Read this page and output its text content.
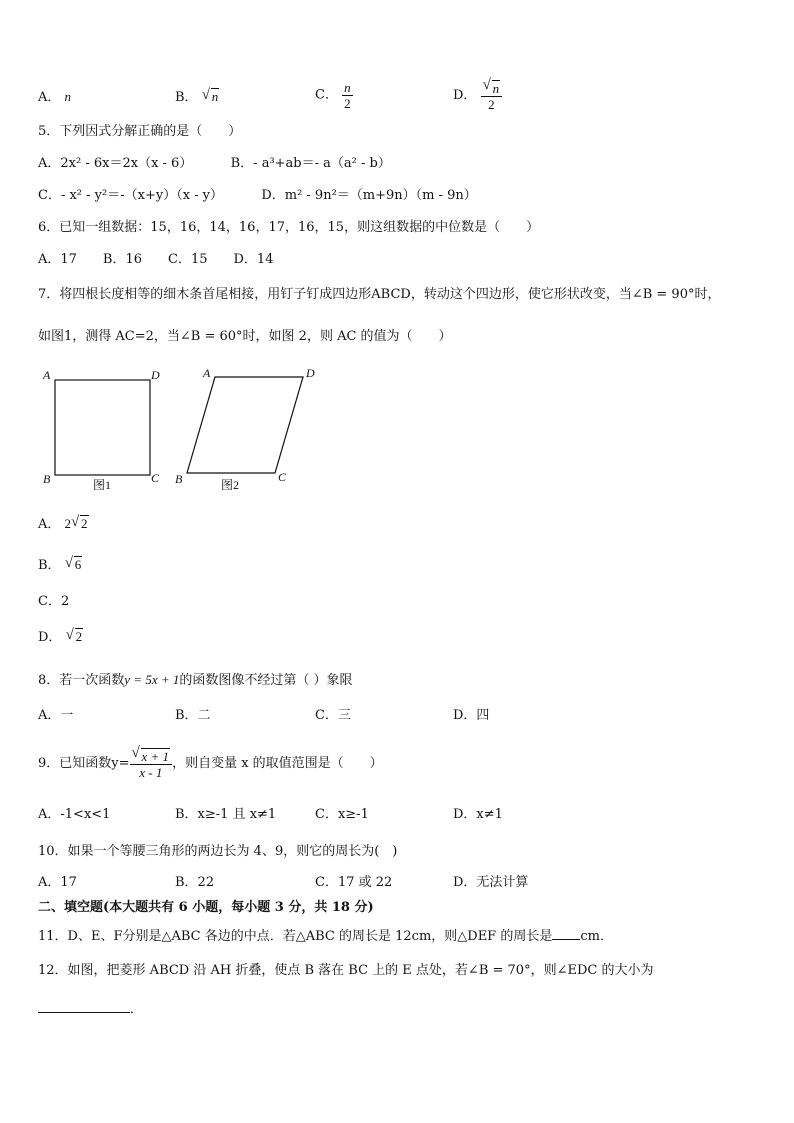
A． n	B． √ n	C． $\frac{n}{2}$	D． $\frac{√ n}{2}$
5．下列因式分解正确的是（　　）
A．2x² - 6x＝2x（x - 6）	B．- a³+ab＝- a（a² - b）
C．- x² - y²＝-（x+y）（x - y）	D．m² - 9n²＝（m+9n）（m - 9n）
6．已知一组数据：15，16，14，16，17，16，15，则这组数据的中位数是（　　）
A．17　　B．16　　C．15　　D．14
7．将四根长度相等的细木条首尾相接，用钉子钉成四边形ABCD，转动这个四边形，使它形状改变，当∠B = 90°时，
如图1，测得 AC=2，当∠B = 60°时，如图 2，则 AC 的值为（　　）
A	D
B	C
图1
A	D
B	C
图2
A． 2 √ 2
B． √ 6
C．2
D． √ 2
8．若一次函数y = 5x + 1的函数图像不经过第（ ）象限
A．一	B．二	C．三	D．四
9．已知函数$y= \frac{√ x + 1}{x - 1}$ ，则自变量 x 的取值范围是（　　）
A．-1<x<1	B．x≥-1 且 x≠1	C．x≥-1	D．x≠1
10．如果一个等腰三角形的两边长为 4、9，则它的周长为(　)
A．17	B．22	C．17 或 22	D．无法计算
二、填空题(本大题共有 6 小题，每小题 3 分，共 18 分)
11．D、E、F分别是△ABC 各边的中点．若△ABC 的周长是 12cm，则△DEF 的周长是 cm．
12．如图，把菱形 ABCD 沿 AH 折叠，使点 B 落在 BC 上的 E 点处，若∠B = 70°，则∠EDC 的大小为
．
